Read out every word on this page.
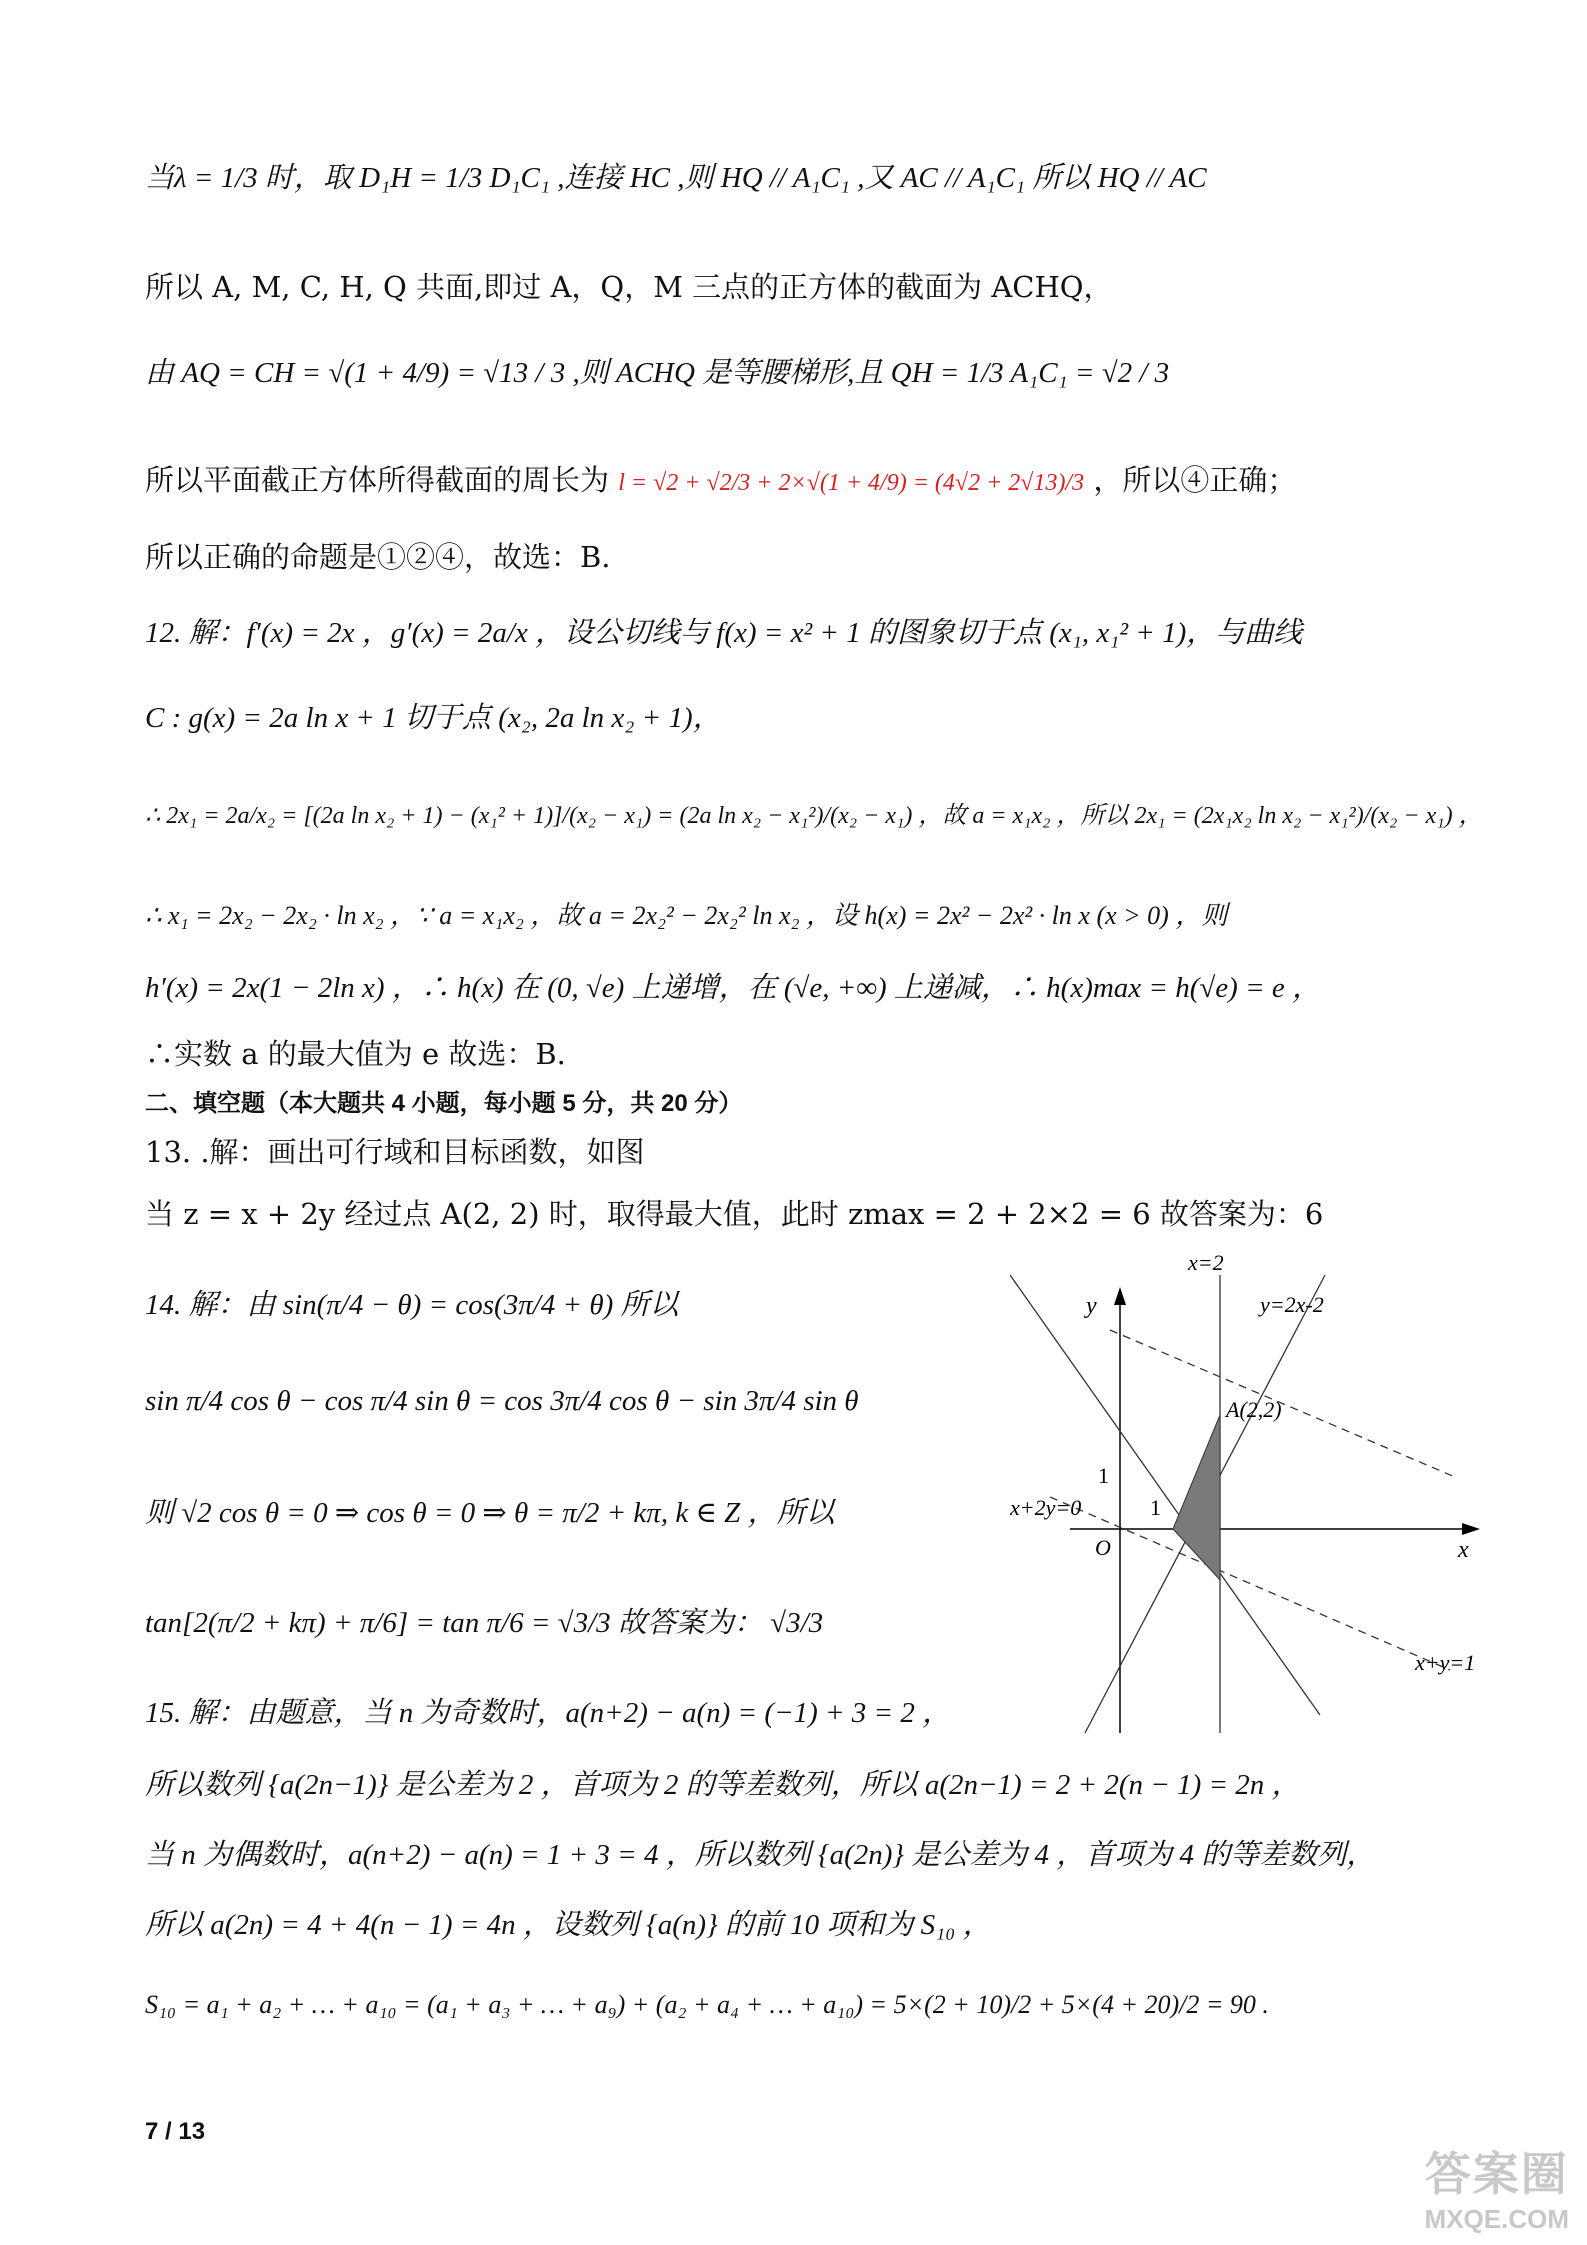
当λ = 1/3 时，取 D₁H = 1/3 D₁C₁ ,连接 HC ,则 HQ // A₁C₁ ,又 AC // A₁C₁ 所以 HQ // AC
所以 A, M, C, H, Q 共面,即过 A，Q，M 三点的正方体的截面为 ACHQ，
由 AQ = CH = √(1 + 4/9) = √13 / 3 ,则 ACHQ 是等腰梯形,且 QH = 1/3 A₁C₁ = √2 / 3
所以平面截正方体所得截面的周长为 l = √2 + √2/3 + 2×√(1 + 4/9) = (4√2 + 2√13)/3 ，所以④正确；
所以正确的命题是①②④，故选：B.
12. 解：f′(x) = 2x ，g′(x) = 2a/x ，设公切线与 f(x) = x² + 1 的图象切于点 (x₁, x₁² + 1)，与曲线
C : g(x) = 2a ln x + 1 切于点 (x₂, 2a ln x₂ + 1)，
∴ 2x₁ = 2a/x₂ = [(2a ln x₂ + 1) − (x₁² + 1)]/(x₂ − x₁) = (2a ln x₂ − x₁²)/(x₂ − x₁) ，故 a = x₁x₂ ，所以 2x₁ = (2x₁x₂ ln x₂ − x₁²)/(x₂ − x₁) ，
∴ x₁ = 2x₂ − 2x₂ · ln x₂ ，∵ a = x₁x₂ ，故 a = 2x₂² − 2x₂² ln x₂ ，设 h(x) = 2x² − 2x² · ln x (x > 0) ，则
h′(x) = 2x(1 − 2ln x) ，∴ h(x) 在 (0, √e) 上递增，在 (√e, +∞) 上递减，∴ h(x)max = h(√e) = e ，
∴实数 a 的最大值为 e 故选：B.
二、填空题（本大题共 4 小题，每小题 5 分，共 20 分）
13. .解：画出可行域和目标函数，如图
当 z = x + 2y 经过点 A(2, 2) 时，取得最大值，此时 zmax = 2 + 2×2 = 6 故答案为：6
14. 解：由 sin(π/4 − θ) = cos(3π/4 + θ) 所以
sin π/4 cos θ − cos π/4 sin θ = cos 3π/4 cos θ − sin 3π/4 sin θ
则 √2 cos θ = 0 ⇒ cos θ = 0 ⇒ θ = π/2 + kπ, k ∈ Z ，所以
tan[2(π/2 + kπ) + π/6] = tan π/6 = √3/3 故答案为： √3/3
15. 解：由题意，当 n 为奇数时，a(n+2) − a(n) = (−1) + 3 = 2 ，
所以数列 {a(2n−1)} 是公差为 2 ，首项为 2 的等差数列，所以 a(2n−1) = 2 + 2(n − 1) = 2n ，
当 n 为偶数时，a(n+2) − a(n) = 1 + 3 = 4 ，所以数列 {a(2n)} 是公差为 4 ，首项为 4 的等差数列，
所以 a(2n) = 4 + 4(n − 1) = 4n ，设数列 {a(n)} 的前 10 项和为 S₁₀ ，
S₁₀ = a₁ + a₂ + … + a₁₀ = (a₁ + a₃ + … + a₉) + (a₂ + a₄ + … + a₁₀) = 5×(2 + 10)/2 + 5×(4 + 20)/2 = 90 .
x=2
y=2x-2
y
A(2,2)
1
1
x+2y=0
O	x
x+y=1
7 / 13
答案圈
MXQE.COM
